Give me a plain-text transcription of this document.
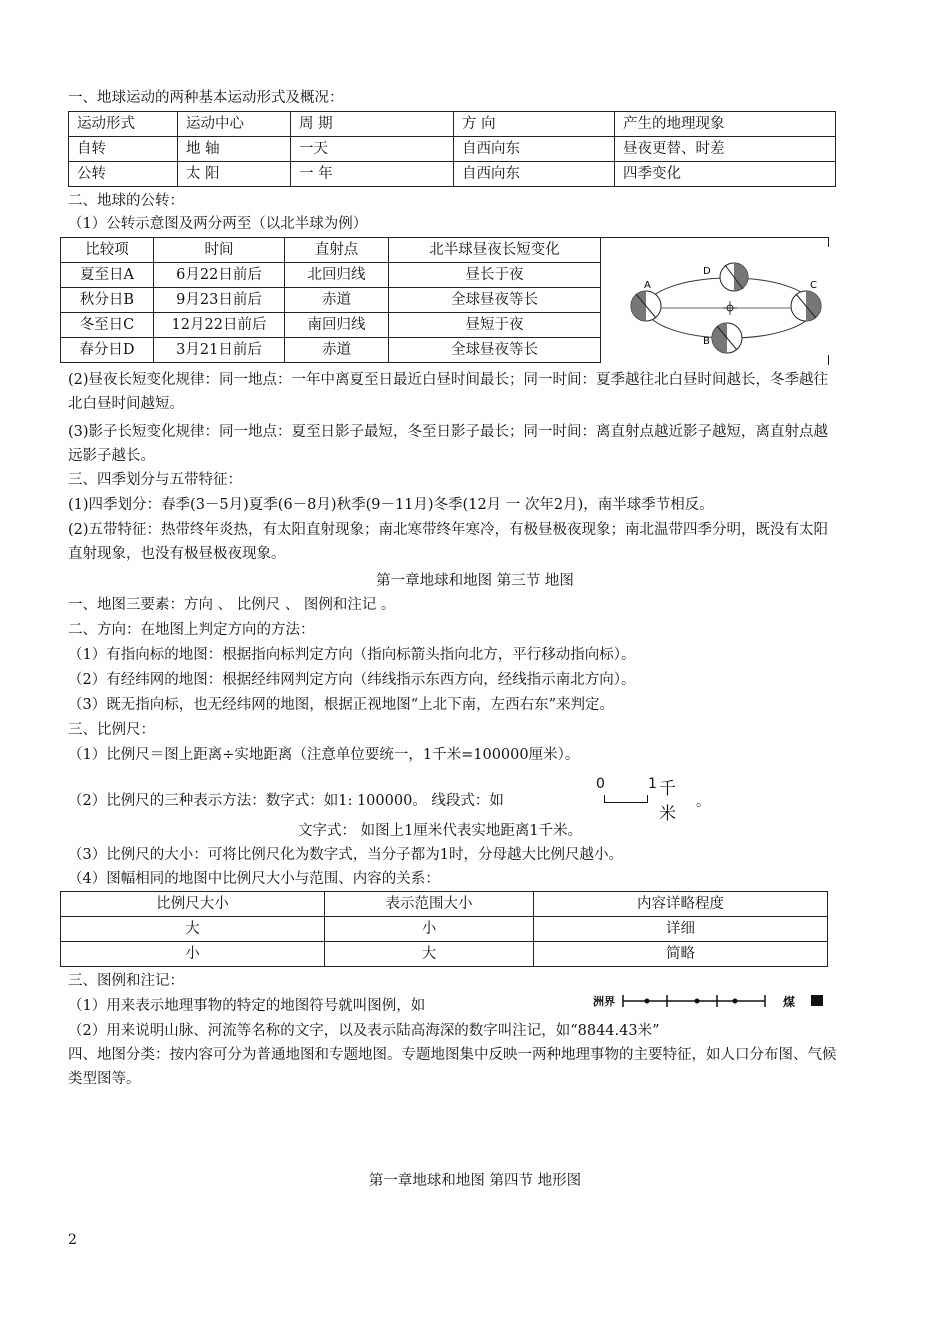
一、地球运动的两种基本运动形式及概况：
运动形式	运动中心	周 期	方 向	产生的地理现象
自转	地 轴	一天	自西向东	昼夜更替、时差
公转	太 阳	一 年	自西向东	四季变化
二、地球的公转：
（1）公转示意图及两分两至（以北半球为例）
比较项	时间	直射点	北半球昼夜长短变化
夏至日A	6月22日前后	北回归线	昼长于夜
秋分日B	9月23日前后	赤道	全球昼夜等长
冬至日C	12月22日前后	南回归线	昼短于夜
春分日D	3月21日前后	赤道	全球昼夜等长
A
D
B
C
(2)昼夜长短变化规律：同一地点：一年中离夏至日最近白昼时间最长；同一时间：夏季越往北白昼时间越长，冬季越往北白昼时间越短。
(3)影子长短变化规律：同一地点：夏至日影子最短，冬至日影子最长；同一时间：离直射点越近影子越短，离直射点越远影子越长。
三、四季划分与五带特征：
(1)四季划分：春季(3－5月)夏季(6－8月)秋季(9－11月)冬季(12月 一 次年2月)，南半球季节相反。
(2)五带特征：热带终年炎热，有太阳直射现象；南北寒带终年寒冷，有极昼极夜现象；南北温带四季分明，既没有太阳直射现象，也没有极昼极夜现象。
第一章地球和地图 第三节 地图
一、地图三要素：方向 、 比例尺 、 图例和注记 。
二、方向：在地图上判定方向的方法：
（1）有指向标的地图：根据指向标判定方向（指向标箭头指向北方，平行移动指向标）。
（2）有经纬网的地图：根据经纬网判定方向（纬线指示东西方向，经线指示南北方向）。
（3）既无指向标，也无经纬网的地图，根据正视地图“上北下南，左西右东”来判定。
三、比例尺：
（1）比例尺＝图上距离÷实地距离（注意单位要统一，1千米=100000厘米）。
（2）比例尺的三种表示方法：数字式：如1: 100000。 线段式：如
0	1 千米
。
文字式： 如图上1厘米代表实地距离1千米。
（3）比例尺的大小：可将比例尺化为数字式，当分子都为1时，分母越大比例尺越小。
（4）图幅相同的地图中比例尺大小与范围、内容的关系：
比例尺大小	表示范围大小	内容详略程度
大	小	详细
小	大	简略
三、图例和注记：
（1）用来表示地理事物的特定的地图符号就叫图例，如	洲界	煤
（2）用来说明山脉、河流等名称的文字，以及表示陆高海深的数字叫注记，如“8844.43米”
四、地图分类：按内容可分为普通地图和专题地图。专题地图集中反映一两种地理事物的主要特征，如人口分布图、气候类型图等。
第一章地球和地图 第四节 地形图
2
